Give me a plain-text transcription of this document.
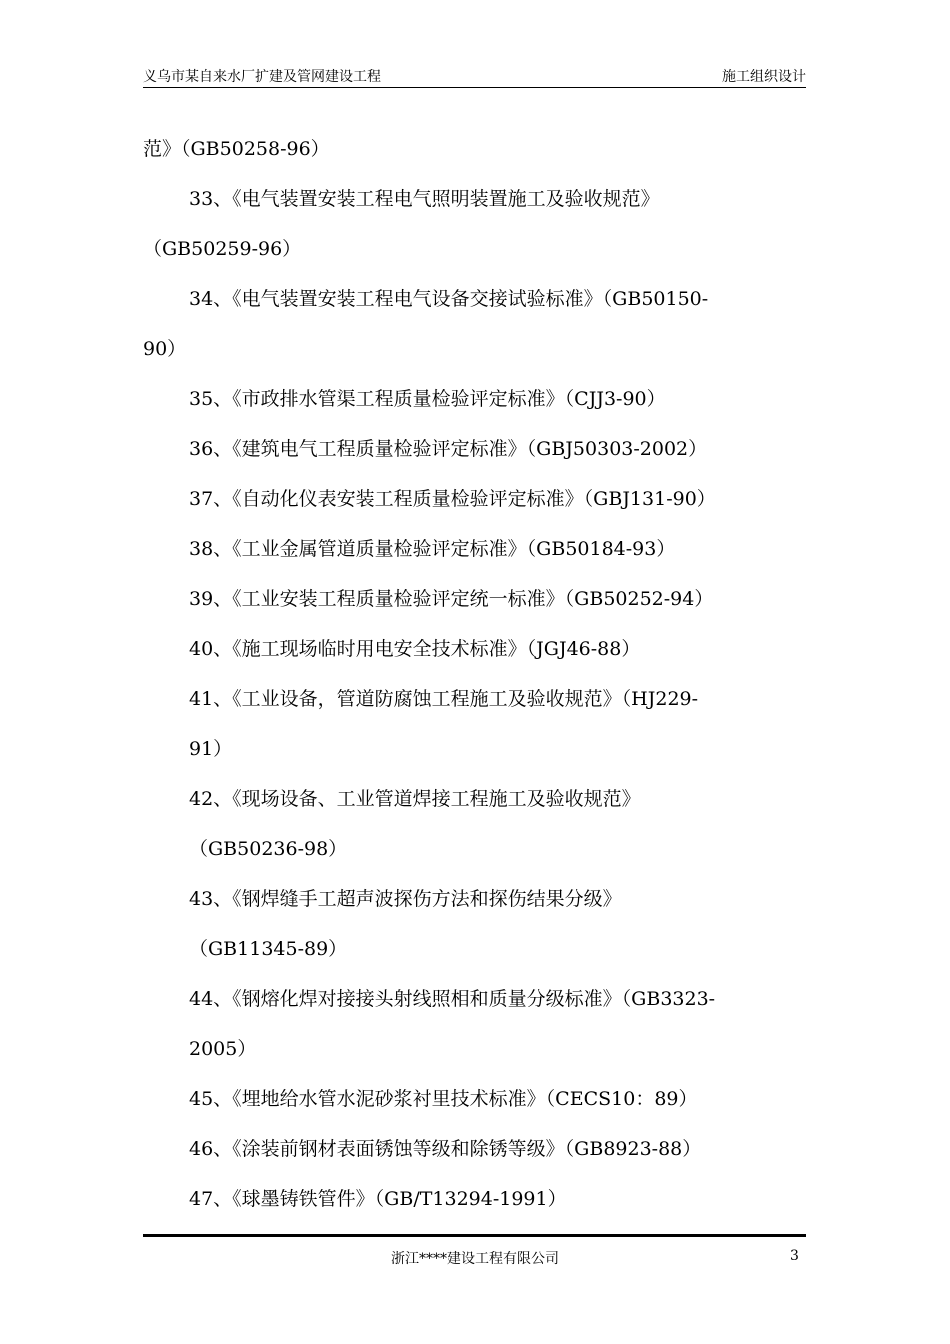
义乌市某自来水厂扩建及管网建设工程	施工组织设计
范》（GB50258-96）
33、《电气装置安装工程电气照明装置施工及验收规范》
（GB50259-96）
34、《电气装置安装工程电气设备交接试验标准》（GB50150-
90）
35、《市政排水管渠工程质量检验评定标准》（CJJ3-90）
36、《建筑电气工程质量检验评定标准》（GBJ50303-2002）
37、《自动化仪表安装工程质量检验评定标准》（GBJ131-90）
38、《工业金属管道质量检验评定标准》（GB50184-93）
39、《工业安装工程质量检验评定统一标准》（GB50252-94）
40、《施工现场临时用电安全技术标准》（JGJ46-88）
41、《工业设备，管道防腐蚀工程施工及验收规范》（HJ229-
91）
42、《现场设备、工业管道焊接工程施工及验收规范》
（GB50236-98）
43、《钢焊缝手工超声波探伤方法和探伤结果分级》
（GB11345-89）
44、《钢熔化焊对接接头射线照相和质量分级标准》（GB3323-
2005）
45、《埋地给水管水泥砂浆衬里技术标准》（CECS10：89）
46、《涂装前钢材表面锈蚀等级和除锈等级》（GB8923-88）
47、《球墨铸铁管件》（GB/T13294-1991）
浙江****建设工程有限公司	3
